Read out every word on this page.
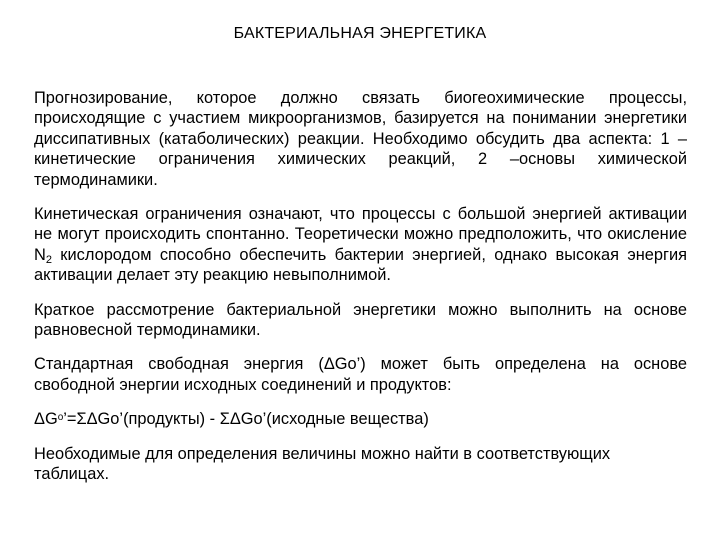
БАКТЕРИАЛЬНАЯ ЭНЕРГЕТИКА

Прогнозирование, которое должно связать биогеохимические процессы, происходящие с участием микроорганизмов, базируется на понимании энергетики диссипативных (катаболических) реакции. Необходимо обсудить два аспекта: 1 – кинетические ограничения химических реакций, 2 –основы химической термодинамики.

Кинетическая ограничения означают, что процессы с большой энергией активации не могут происходить спонтанно. Теоретически можно предположить, что окисление $N_2$ кислородом способно обеспечить бактерии энергией, однако высокая энергия активации делает эту реакцию невыполнимой.

Краткое рассмотрение бактериальной энергетики можно выполнить на основе равновесной термодинамики.

Стандартная свободная энергия (ΔGo’) может быть определена на основе свободной энергии исходных соединений и продуктов:

$\Delta G^o’=\Sigma\Delta Go’(продукты)$ - ΣΔGo’(исходные вещества)

Необходимые для определения величины можно найти в соответствующих таблицах.
